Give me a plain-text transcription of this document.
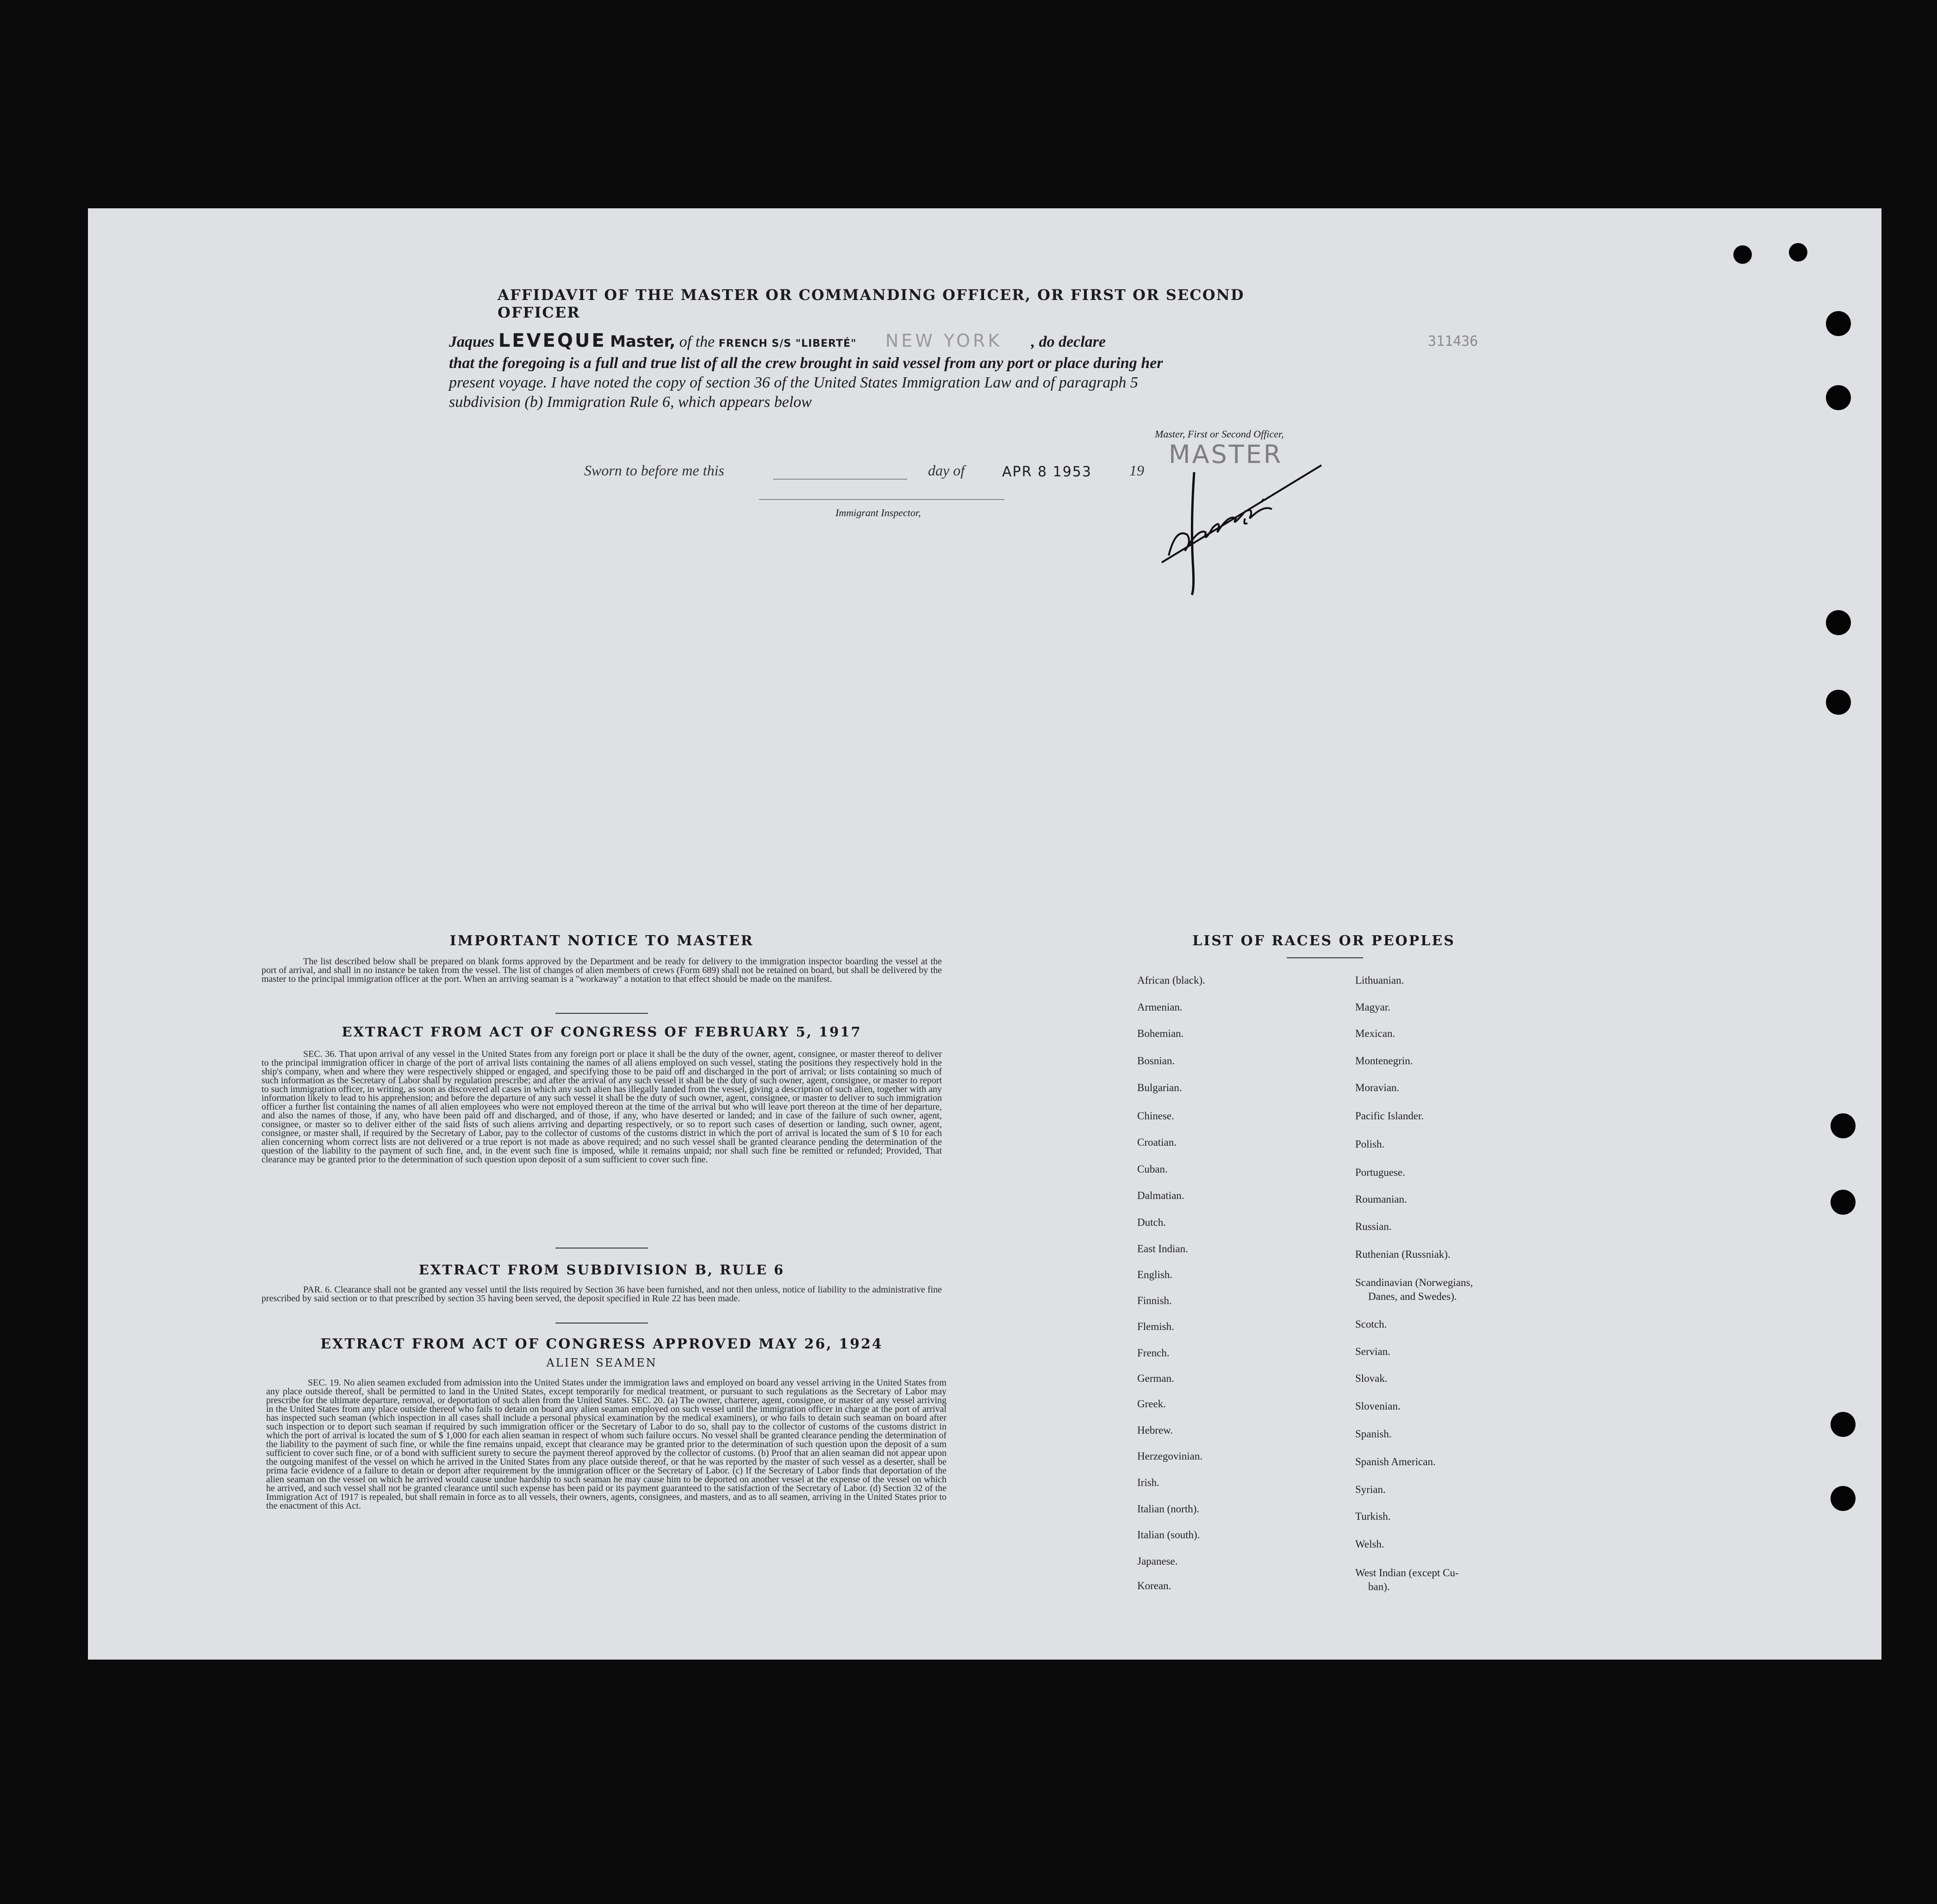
AFFIDAVIT OF THE MASTER OR COMMANDING OFFICER, OR FIRST OR SECOND OFFICER
Jaques LEVEQUE Master, of the FRENCH S/S "LIBERTÉ" NEW YORK , do declare
that the foregoing is a full and true list of all the crew brought in said vessel from any port or place during her
present voyage. I have noted the copy of section 36 of the United States Immigration Law and of paragraph 5
subdivision (b) Immigration Rule 6, which appears below
311436
Master, First or Second Officer,
MASTER
Sworn to before me this	day of	APR 8 1953	19
Immigrant Inspector,
IMPORTANT NOTICE TO MASTER
The list described below shall be prepared on blank forms approved by the Department and be ready for delivery to the immigration inspector boarding the vessel at the port of arrival, and shall in no instance be taken from the vessel. The list of changes of alien members of crews (Form 689) shall not be retained on board, but shall be delivered by the master to the principal immigration officer at the port. When an arriving seaman is a "workaway" a notation to that effect should be made on the manifest.
EXTRACT FROM ACT OF CONGRESS OF FEBRUARY 5, 1917
SEC. 36. That upon arrival of any vessel in the United States from any foreign port or place it shall be the duty of the owner, agent, consignee, or master thereof to deliver to the principal immigration officer in charge of the port of arrival lists containing the names of all aliens employed on such vessel, stating the positions they respectively hold in the ship's company, when and where they were respectively shipped or engaged, and specifying those to be paid off and discharged in the port of arrival; or lists containing so much of such information as the Secretary of Labor shall by regulation prescribe; and after the arrival of any such vessel it shall be the duty of such owner, agent, consignee, or master to report to such immigration officer, in writing, as soon as discovered all cases in which any such alien has illegally landed from the vessel, giving a description of such alien, together with any information likely to lead to his apprehension; and before the departure of any such vessel it shall be the duty of such owner, agent, consignee, or master to deliver to such immigration officer a further list containing the names of all alien employees who were not employed thereon at the time of the arrival but who will leave port thereon at the time of her departure, and also the names of those, if any, who have been paid off and discharged, and of those, if any, who have deserted or landed; and in case of the failure of such owner, agent, consignee, or master so to deliver either of the said lists of such aliens arriving and departing respectively, or so to report such cases of desertion or landing, such owner, agent, consignee, or master shall, if required by the Secretary of Labor, pay to the collector of customs of the customs district in which the port of arrival is located the sum of $ 10 for each alien concerning whom correct lists are not delivered or a true report is not made as above required; and no such vessel shall be granted clearance pending the determination of the question of the liability to the payment of such fine, and, in the event such fine is imposed, while it remains unpaid; nor shall such fine be remitted or refunded; Provided, That clearance may be granted prior to the determination of such question upon deposit of a sum sufficient to cover such fine.
EXTRACT FROM SUBDIVISION B, RULE 6
PAR. 6. Clearance shall not be granted any vessel until the lists required by Section 36 have been furnished, and not then unless, notice of liability to the administrative fine prescribed by said section or to that prescribed by section 35 having been served, the deposit specified in Rule 22 has been made.
EXTRACT FROM ACT OF CONGRESS APPROVED MAY 26, 1924
ALIEN SEAMEN
SEC. 19. No alien seamen excluded from admission into the United States under the immigration laws and employed on board any vessel arriving in the United States from any place outside thereof, shall be permitted to land in the United States, except temporarily for medical treatment, or pursuant to such regulations as the Secretary of Labor may prescribe for the ultimate departure, removal, or deportation of such alien from the United States. SEC. 20. (a) The owner, charterer, agent, consignee, or master of any vessel arriving in the United States from any place outside thereof who fails to detain on board any alien seaman employed on such vessel until the immigration officer in charge at the port of arrival has inspected such seaman (which inspection in all cases shall include a personal physical examination by the medical examiners), or who fails to detain such seaman on board after such inspection or to deport such seaman if required by such immigration officer or the Secretary of Labor to do so, shall pay to the collector of customs of the customs district in which the port of arrival is located the sum of $ 1,000 for each alien seaman in respect of whom such failure occurs. No vessel shall be granted clearance pending the determination of the liability to the payment of such fine, or while the fine remains unpaid, except that clearance may be granted prior to the determination of such question upon the deposit of a sum sufficient to cover such fine, or of a bond with sufficient surety to secure the payment thereof approved by the collector of customs. (b) Proof that an alien seaman did not appear upon the outgoing manifest of the vessel on which he arrived in the United States from any place outside thereof, or that he was reported by the master of such vessel as a deserter, shall be prima facie evidence of a failure to detain or deport after requirement by the immigration officer or the Secretary of Labor. (c) If the Secretary of Labor finds that deportation of the alien seaman on the vessel on which he arrived would cause undue hardship to such seaman he may cause him to be deported on another vessel at the expense of the vessel on which he arrived, and such vessel shall not be granted clearance until such expense has been paid or its payment guaranteed to the satisfaction of the Secretary of Labor. (d) Section 32 of the Immigration Act of 1917 is repealed, but shall remain in force as to all vessels, their owners, agents, consignees, and masters, and as to all seamen, arriving in the United States prior to the enactment of this Act.
LIST OF RACES OR PEOPLES
African (black).
Armenian.
Bohemian.
Bosnian.
Bulgarian.
Chinese.
Croatian.
Cuban.
Dalmatian.
Dutch.
East Indian.
English.
Finnish.
Flemish.
French.
German.
Greek.
Hebrew.
Herzegovinian.
Irish.
Italian (north).
Italian (south).
Japanese.
Korean.
Lithuanian.
Magyar.
Mexican.
Montenegrin.
Moravian.
Pacific Islander.
Polish.
Portuguese.
Roumanian.
Russian.
Ruthenian (Russniak).
Scandinavian (Norwegians,
Danes, and Swedes).
Scotch.
Servian.
Slovak.
Slovenian.
Spanish.
Spanish American.
Syrian.
Turkish.
Welsh.
West Indian (except Cu-
ban).
